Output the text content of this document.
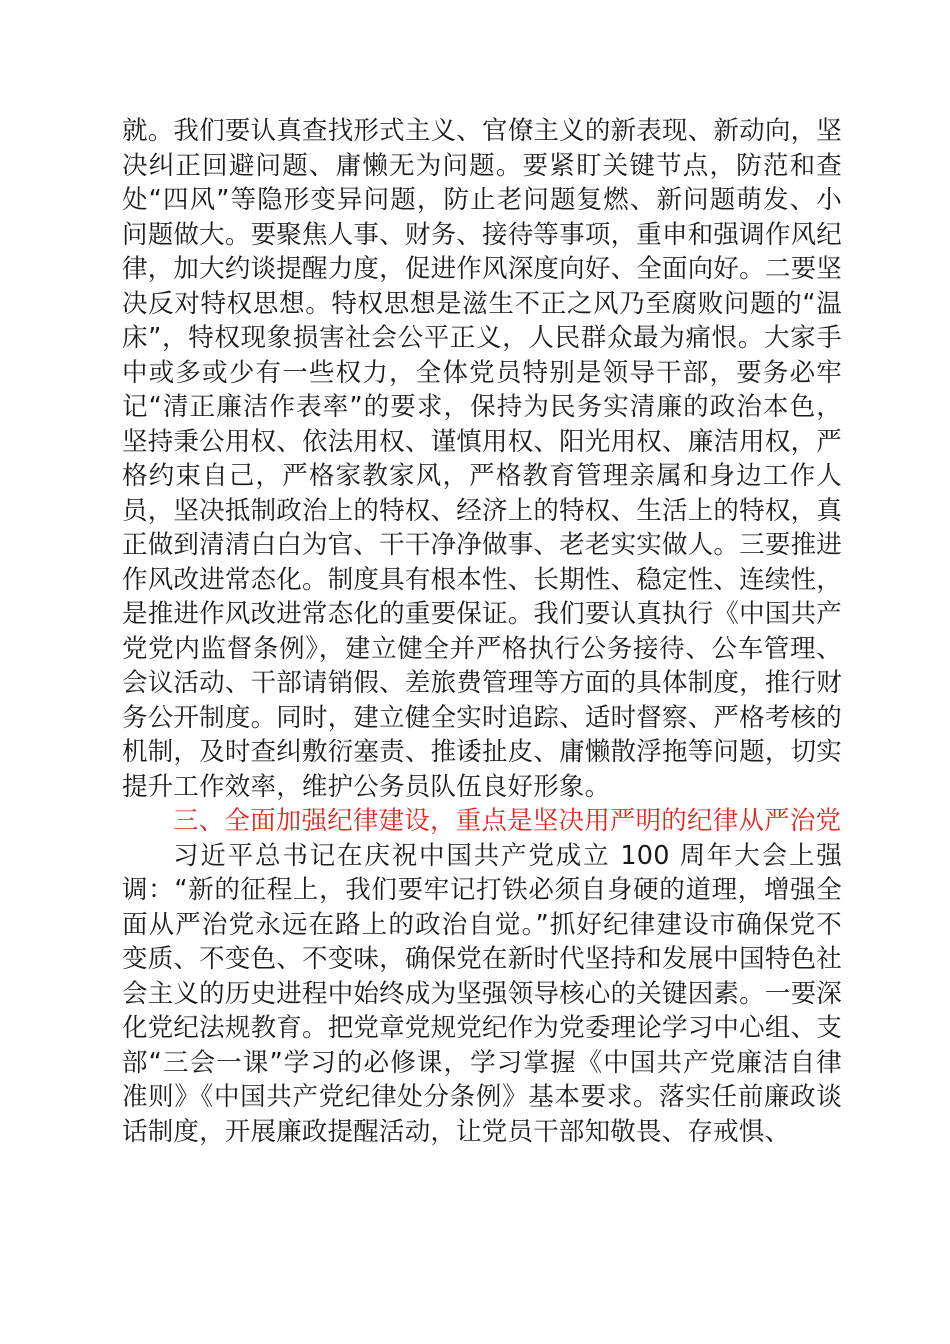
就。我们要认真查找形式主义、官僚主义的新表现、新动向，坚决纠正回避问题、庸懒无为问题。要紧盯关键节点，防范和查处“四风”等隐形变异问题，防止老问题复燃、新问题萌发、小问题做大。要聚焦人事、财务、接待等事项，重申和强调作风纪律，加大约谈提醒力度，促进作风深度向好、全面向好。二要坚决反对特权思想。特权思想是滋生不正之风乃至腐败问题的“温床”，特权现象损害社会公平正义，人民群众最为痛恨。大家手中或多或少有一些权力，全体党员特别是领导干部，要务必牢记“清正廉洁作表率”的要求，保持为民务实清廉的政治本色，坚持秉公用权、依法用权、谨慎用权、阳光用权、廉洁用权，严格约束自己，严格家教家风，严格教育管理亲属和身边工作人员，坚决抵制政治上的特权、经济上的特权、生活上的特权，真正做到清清白白为官、干干净净做事、老老实实做人。三要推进作风改进常态化。制度具有根本性、长期性、稳定性、连续性，是推进作风改进常态化的重要保证。我们要认真执行《中国共产党党内监督条例》，建立健全并严格执行公务接待、公车管理、会议活动、干部请销假、差旅费管理等方面的具体制度，推行财务公开制度。同时，建立健全实时追踪、适时督察、严格考核的机制，及时查纠敷衍塞责、推诿扯皮、庸懒散浮拖等问题，切实提升工作效率，维护公务员队伍良好形象。

三、全面加强纪律建设，重点是坚决用严明的纪律从严治党

习近平总书记在庆祝中国共产党成立 100 周年大会上强调：“新的征程上，我们要牢记打铁必须自身硬的道理，增强全面从严治党永远在路上的政治自觉。”抓好纪律建设市确保党不变质、不变色、不变味，确保党在新时代坚持和发展中国特色社会主义的历史进程中始终成为坚强领导核心的关键因素。一要深化党纪法规教育。把党章党规党纪作为党委理论学习中心组、支部“三会一课”学习的必修课，学习掌握《中国共产党廉洁自律准则》《中国共产党纪律处分条例》基本要求。落实任前廉政谈话制度，开展廉政提醒活动，让党员干部知敬畏、存戒惧、
